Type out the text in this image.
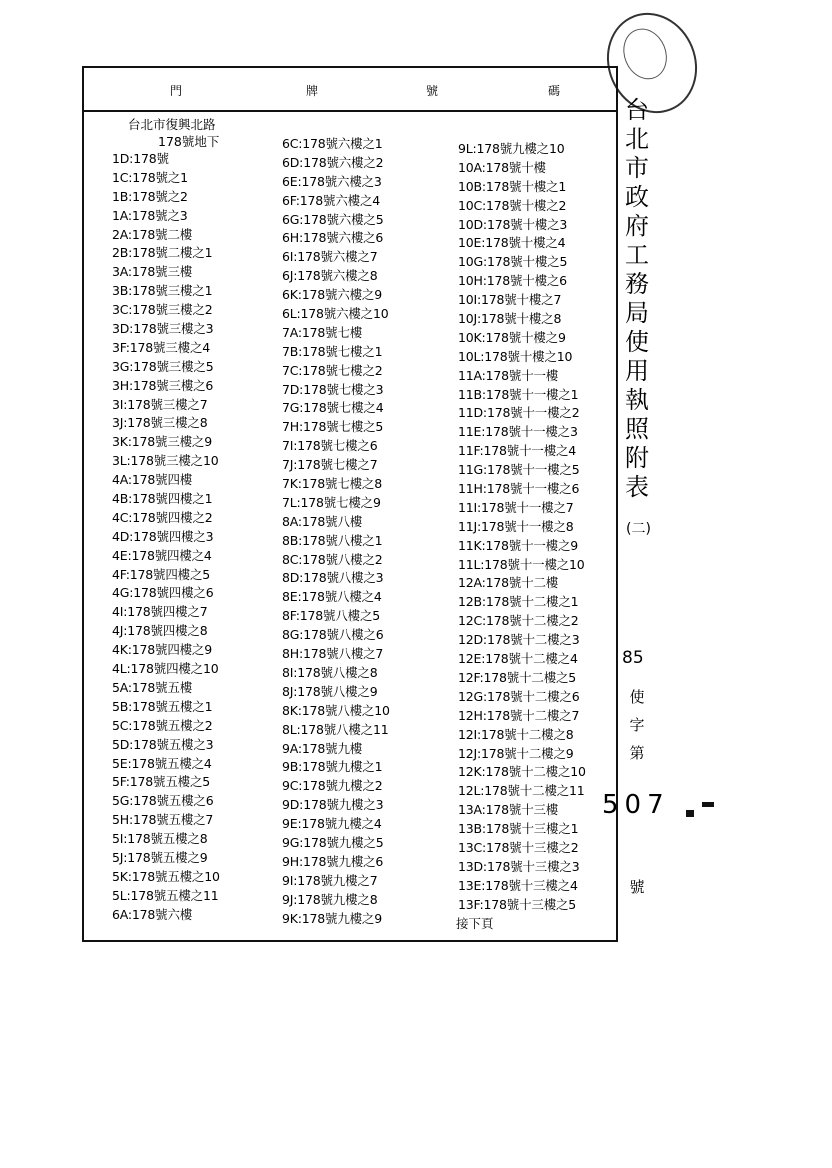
門	牌	號	碼
台北市復興北路
178號地下
1D:178號
1C:178號之1
1B:178號之2
1A:178號之3
2A:178號二樓
2B:178號二樓之1
3A:178號三樓
3B:178號三樓之1
3C:178號三樓之2
3D:178號三樓之3
3F:178號三樓之4
3G:178號三樓之5
3H:178號三樓之6
3I:178號三樓之7
3J:178號三樓之8
3K:178號三樓之9
3L:178號三樓之10
4A:178號四樓
4B:178號四樓之1
4C:178號四樓之2
4D:178號四樓之3
4E:178號四樓之4
4F:178號四樓之5
4G:178號四樓之6
4I:178號四樓之7
4J:178號四樓之8
4K:178號四樓之9
4L:178號四樓之10
5A:178號五樓
5B:178號五樓之1
5C:178號五樓之2
5D:178號五樓之3
5E:178號五樓之4
5F:178號五樓之5
5G:178號五樓之6
5H:178號五樓之7
5I:178號五樓之8
5J:178號五樓之9
5K:178號五樓之10
5L:178號五樓之11
6A:178號六樓
6C:178號六樓之1
6D:178號六樓之2
6E:178號六樓之3
6F:178號六樓之4
6G:178號六樓之5
6H:178號六樓之6
6I:178號六樓之7
6J:178號六樓之8
6K:178號六樓之9
6L:178號六樓之10
7A:178號七樓
7B:178號七樓之1
7C:178號七樓之2
7D:178號七樓之3
7G:178號七樓之4
7H:178號七樓之5
7I:178號七樓之6
7J:178號七樓之7
7K:178號七樓之8
7L:178號七樓之9
8A:178號八樓
8B:178號八樓之1
8C:178號八樓之2
8D:178號八樓之3
8E:178號八樓之4
8F:178號八樓之5
8G:178號八樓之6
8H:178號八樓之7
8I:178號八樓之8
8J:178號八樓之9
8K:178號八樓之10
8L:178號八樓之11
9A:178號九樓
9B:178號九樓之1
9C:178號九樓之2
9D:178號九樓之3
9E:178號九樓之4
9G:178號九樓之5
9H:178號九樓之6
9I:178號九樓之7
9J:178號九樓之8
9K:178號九樓之9
9L:178號九樓之10
10A:178號十樓
10B:178號十樓之1
10C:178號十樓之2
10D:178號十樓之3
10E:178號十樓之4
10G:178號十樓之5
10H:178號十樓之6
10I:178號十樓之7
10J:178號十樓之8
10K:178號十樓之9
10L:178號十樓之10
11A:178號十一樓
11B:178號十一樓之1
11D:178號十一樓之2
11E:178號十一樓之3
11F:178號十一樓之4
11G:178號十一樓之5
11H:178號十一樓之6
11I:178號十一樓之7
11J:178號十一樓之8
11K:178號十一樓之9
11L:178號十一樓之10
12A:178號十二樓
12B:178號十二樓之1
12C:178號十二樓之2
12D:178號十二樓之3
12E:178號十二樓之4
12F:178號十二樓之5
12G:178號十二樓之6
12H:178號十二樓之7
12I:178號十二樓之8
12J:178號十二樓之9
12K:178號十二樓之10
12L:178號十二樓之11
13A:178號十三樓
13B:178號十三樓之1
13C:178號十三樓之2
13D:178號十三樓之3
13E:178號十三樓之4
13F:178號十三樓之5
接下頁
台
北
市
政
府
工
務
局
使
用
執
照
附
表
(二)
85
使
字
第
507
號
